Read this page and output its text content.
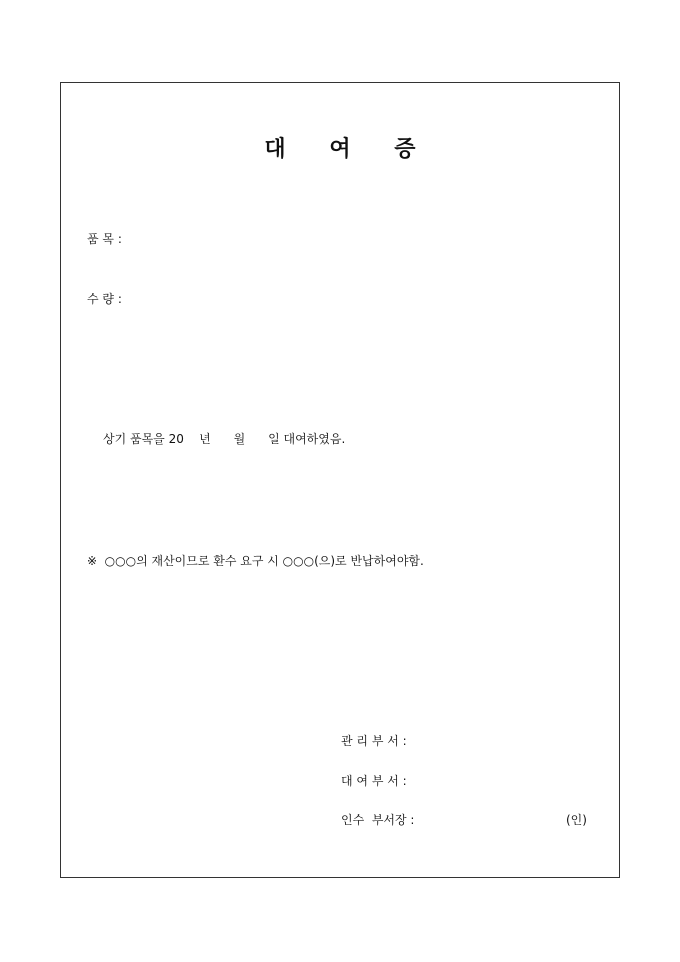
대 여 증
품 목 :
수 량 :
상기 품목을 20    년      월      일 대여하였음.
※  ○○○의 재산이므로 환수 요구 시 ○○○(으)로 반납하여야함.
관 리 부 서 :
대 여 부 서 :
인수  부서장 :	(인)
